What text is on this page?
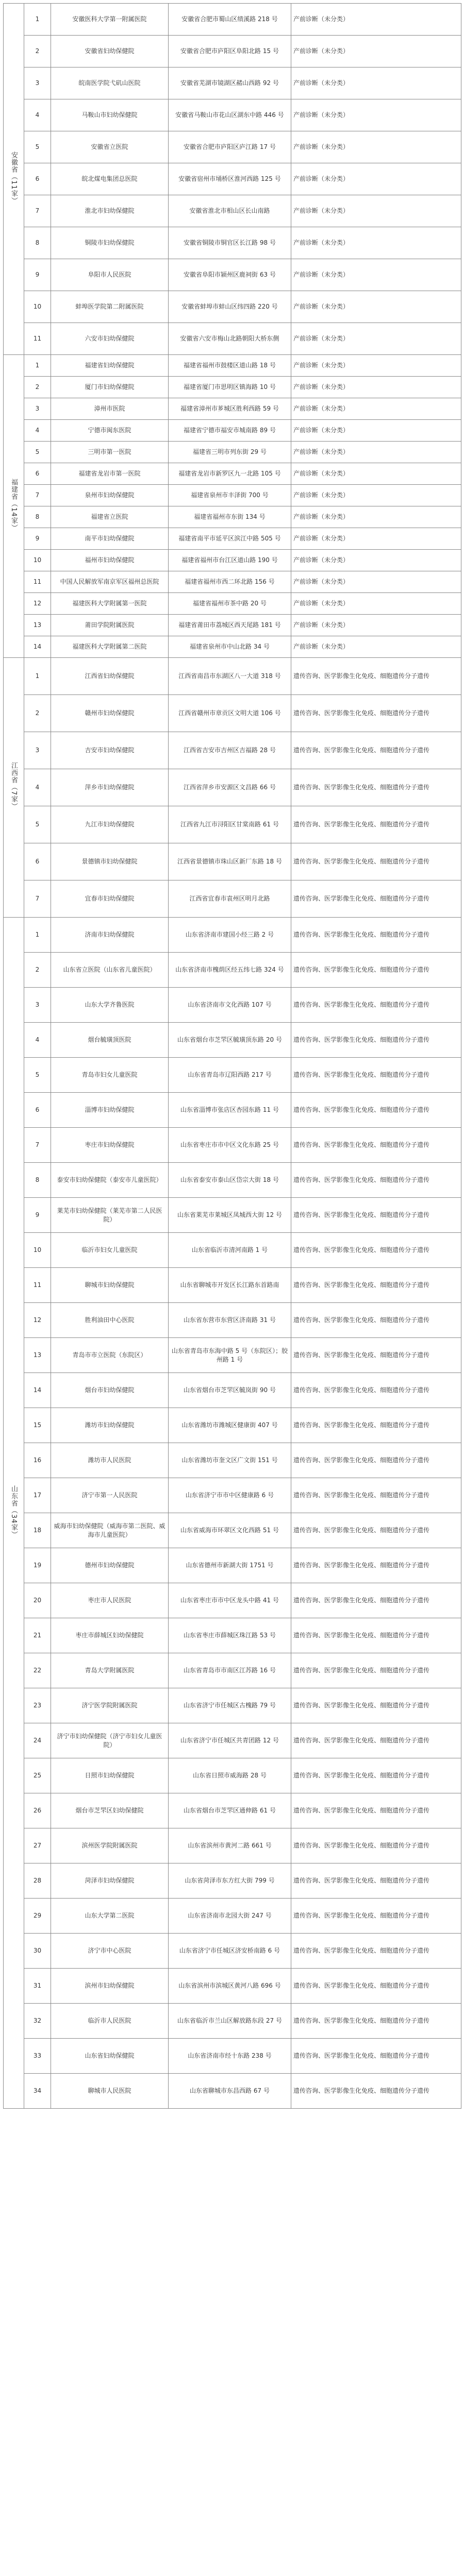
安徽省（11家）	1	安徽医科大学第一附属医院	安徽省合肥市蜀山区绩溪路 218 号	产前诊断（未分类）
	2	安徽省妇幼保健院	安徽省合肥市庐阳区阜阳北路 15 号	产前诊断（未分类）
	3	皖南医学院弋矶山医院	安徽省芜湖市镜湖区赭山西路 92 号	产前诊断（未分类）
	4	马鞍山市妇幼保健院	安徽省马鞍山市花山区湖东中路 446 号	产前诊断（未分类）
	5	安徽省立医院	安徽省合肥市庐阳区庐江路 17 号	产前诊断（未分类）
	6	皖北煤电集团总医院	安徽省宿州市埇桥区淮河西路 125 号	产前诊断（未分类）
	7	淮北市妇幼保健院	安徽省淮北市相山区长山南路	产前诊断（未分类）
	8	铜陵市妇幼保健院	安徽省铜陵市铜官区长江路 98 号	产前诊断（未分类）
	9	阜阳市人民医院	安徽省阜阳市颍州区鹿祠街 63 号	产前诊断（未分类）
	10	蚌埠医学院第二附属医院	安徽省蚌埠市蚌山区纬四路 220 号	产前诊断（未分类）
	11	六安市妇幼保健院	安徽省六安市梅山北路朝阳大桥东侧	产前诊断（未分类）
福建省（14家）	1	福建省妇幼保健院	福建省福州市鼓楼区道山路 18 号	产前诊断（未分类）
	2	厦门市妇幼保健院	福建省厦门市思明区镇海路 10 号	产前诊断（未分类）
	3	漳州市医院	福建省漳州市芗城区胜利西路 59 号	产前诊断（未分类）
	4	宁德市闽东医院	福建省宁德市福安市城南路 89 号	产前诊断（未分类）
	5	三明市第一医院	福建省三明市列东街 29 号	产前诊断（未分类）
	6	福建省龙岩市第一医院	福建省龙岩市新罗区九一北路 105 号	产前诊断（未分类）
	7	泉州市妇幼保健院	福建省泉州市丰泽街 700 号	产前诊断（未分类）
	8	福建省立医院	福建省福州市东街 134 号	产前诊断（未分类）
	9	南平市妇幼保健院	福建省南平市延平区滨江中路 505 号	产前诊断（未分类）
	10	福州市妇幼保健院	福建省福州市台江区道山路 190 号	产前诊断（未分类）
	11	中国人民解放军南京军区福州总医院	福建省福州市西二环北路 156 号	产前诊断（未分类）
	12	福建医科大学附属第一医院	福建省福州市茶中路 20 号	产前诊断（未分类）
	13	莆田学院附属医院	福建省莆田市荔城区西天尾路 181 号	产前诊断（未分类）
	14	福建医科大学附属第二医院	福建省泉州市中山北路 34 号	产前诊断（未分类）
江西省（7家）	1	江西省妇幼保健院	江西省南昌市东湖区八一大道 318 号	遗传咨询、医学影像生化免疫、细胞遗传分子遗传
	2	赣州市妇幼保健院	江西省赣州市章贡区文明大道 106 号	遗传咨询、医学影像生化免疫、细胞遗传分子遗传
	3	吉安市妇幼保健院	江西省吉安市吉州区吉福路 28 号	遗传咨询、医学影像生化免疫、细胞遗传分子遗传
	4	萍乡市妇幼保健院	江西省萍乡市安源区文昌路 66 号	遗传咨询、医学影像生化免疫、细胞遗传分子遗传
	5	九江市妇幼保健院	江西省九江市浔阳区甘棠南路 61 号	遗传咨询、医学影像生化免疫、细胞遗传分子遗传
	6	景德镇市妇幼保健院	江西省景德镇市珠山区新厂东路 18 号	遗传咨询、医学影像生化免疫、细胞遗传分子遗传
	7	宜春市妇幼保健院	江西省宜春市袁州区明月北路	遗传咨询、医学影像生化免疫、细胞遗传分子遗传
山东省（34家）	1	济南市妇幼保健院	山东省济南市建国小经三路 2 号	遗传咨询、医学影像生化免疫、细胞遗传分子遗传
	2	山东省立医院（山东省儿童医院）	山东省济南市槐荫区经五纬七路 324 号	遗传咨询、医学影像生化免疫、细胞遗传分子遗传
	3	山东大学齐鲁医院	山东省济南市文化西路 107 号	遗传咨询、医学影像生化免疫、细胞遗传分子遗传
	4	烟台毓璜顶医院	山东省烟台市芝罘区毓璜顶东路 20 号	遗传咨询、医学影像生化免疫、细胞遗传分子遗传
	5	青岛市妇女儿童医院	山东省青岛市辽阳西路 217 号	遗传咨询、医学影像生化免疫、细胞遗传分子遗传
	6	淄博市妇幼保健院	山东省淄博市张店区杏园东路 11 号	遗传咨询、医学影像生化免疫、细胞遗传分子遗传
	7	枣庄市妇幼保健院	山东省枣庄市市中区文化东路 25 号	遗传咨询、医学影像生化免疫、细胞遗传分子遗传
	8	泰安市妇幼保健院（泰安市儿童医院）	山东省泰安市泰山区岱宗大街 18 号	遗传咨询、医学影像生化免疫、细胞遗传分子遗传
	9	莱芜市妇幼保健院（莱芜市第二人民医院）	山东省莱芜市莱城区凤城西大街 12 号	遗传咨询、医学影像生化免疫、细胞遗传分子遗传
	10	临沂市妇女儿童医院	山东省临沂市清河南路 1 号	遗传咨询、医学影像生化免疫、细胞遗传分子遗传
	11	聊城市妇幼保健院	山东省聊城市开发区长江路东首路南	遗传咨询、医学影像生化免疫、细胞遗传分子遗传
	12	胜利油田中心医院	山东省东营市东营区济南路 31 号	遗传咨询、医学影像生化免疫、细胞遗传分子遗传
	13	青岛市市立医院（东院区）	山东省青岛市东海中路 5 号（东院区）；胶州路 1 号	遗传咨询、医学影像生化免疫、细胞遗传分子遗传
	14	烟台市妇幼保健院	山东省烟台市芝罘区毓岚街 90 号	遗传咨询、医学影像生化免疫、细胞遗传分子遗传
	15	潍坊市妇幼保健院	山东省潍坊市潍城区健康街 407 号	遗传咨询、医学影像生化免疫、细胞遗传分子遗传
	16	潍坊市人民医院	山东省潍坊市奎文区广文街 151 号	遗传咨询、医学影像生化免疫、细胞遗传分子遗传
	17	济宁市第一人民医院	山东省济宁市市中区健康路 6 号	遗传咨询、医学影像生化免疫、细胞遗传分子遗传
	18	威海市妇幼保健院（威海市第二医院、威海市儿童医院）	山东省威海市环翠区文化西路 51 号	遗传咨询、医学影像生化免疫、细胞遗传分子遗传
	19	德州市妇幼保健院	山东省德州市新湖大街 1751 号	遗传咨询、医学影像生化免疫、细胞遗传分子遗传
	20	枣庄市人民医院	山东省枣庄市市中区龙头中路 41 号	遗传咨询、医学影像生化免疫、细胞遗传分子遗传
	21	枣庄市薛城区妇幼保健院	山东省枣庄市薛城区珠江路 53 号	遗传咨询、医学影像生化免疫、细胞遗传分子遗传
	22	青岛大学附属医院	山东省青岛市市南区江苏路 16 号	遗传咨询、医学影像生化免疫、细胞遗传分子遗传
	23	济宁医学院附属医院	山东省济宁市任城区古槐路 79 号	遗传咨询、医学影像生化免疫、细胞遗传分子遗传
	24	济宁市妇幼保健院（济宁市妇女儿童医院）	山东省济宁市任城区共青团路 12 号	遗传咨询、医学影像生化免疫、细胞遗传分子遗传
	25	日照市妇幼保健院	山东省日照市威海路 28 号	遗传咨询、医学影像生化免疫、细胞遗传分子遗传
	26	烟台市芝罘区妇幼保健院	山东省烟台市芝罘区通伸路 61 号	遗传咨询、医学影像生化免疫、细胞遗传分子遗传
	27	滨州医学院附属医院	山东省滨州市黄河二路 661 号	遗传咨询、医学影像生化免疫、细胞遗传分子遗传
	28	菏泽市妇幼保健院	山东省菏泽市东方红大街 799 号	遗传咨询、医学影像生化免疫、细胞遗传分子遗传
	29	山东大学第二医院	山东省济南市北园大街 247 号	遗传咨询、医学影像生化免疫、细胞遗传分子遗传
	30	济宁市中心医院	山东省济宁市任城区济安桥南路 6 号	遗传咨询、医学影像生化免疫、细胞遗传分子遗传
	31	滨州市妇幼保健院	山东省滨州市滨城区黄河八路 696 号	遗传咨询、医学影像生化免疫、细胞遗传分子遗传
	32	临沂市人民医院	山东省临沂市兰山区解放路东段 27 号	遗传咨询、医学影像生化免疫、细胞遗传分子遗传
	33	山东省妇幼保健院	山东省济南市经十东路 238 号	遗传咨询、医学影像生化免疫、细胞遗传分子遗传
	34	聊城市人民医院	山东省聊城市东昌西路 67 号	遗传咨询、医学影像生化免疫、细胞遗传分子遗传
